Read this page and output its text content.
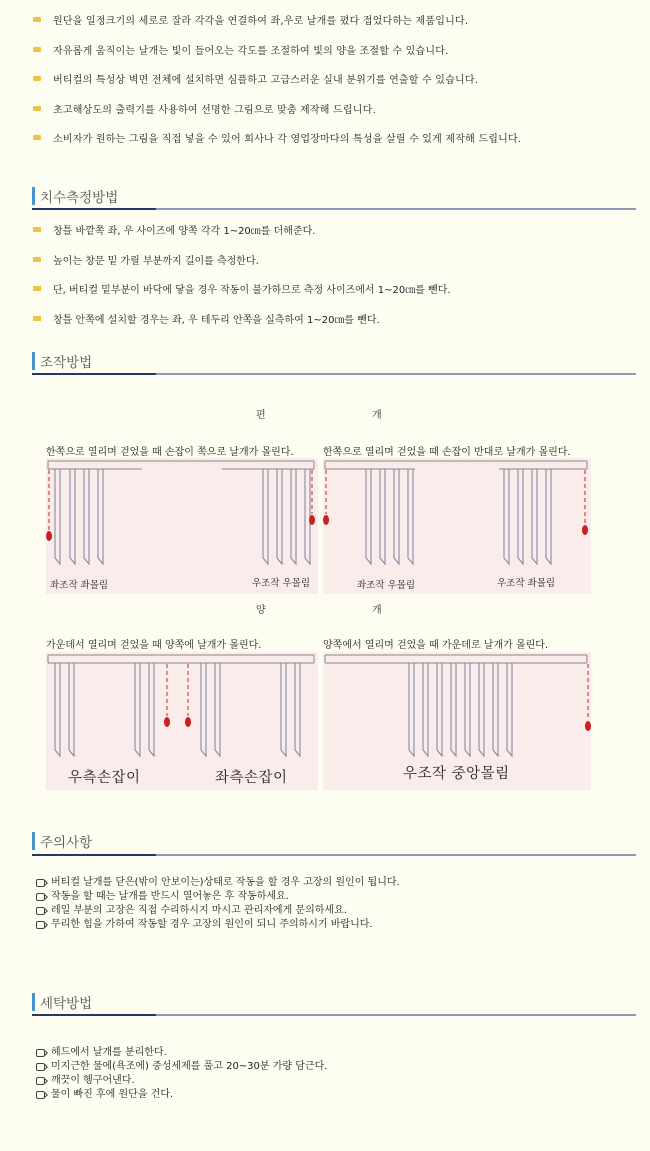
원단을 일정크기의 세로로 잘라 각각을 연결하여 좌,우로 날개를 폈다 접었다하는 제품입니다.
자유롭게 움직이는 날개는 빛이 들어오는 각도를 조절하여 빛의 양을 조절할 수 있습니다.
버티컬의 특성상 벽면 전체에 설치하면 심플하고 고급스러운 실내 분위기를 연출할 수 있습니다.
초고해상도의 출력기를 사용하여 선명한 그림으로 맞춤 제작해 드립니다.
소비자가 원하는 그림을 직접 넣을 수 있어 회사나 각 영업장마다의 특성을 살릴 수 있게 제작해 드립니다.
치수측정방법
창틀 바깥쪽 좌, 우 사이즈에 양쪽 각각 1~20㎝를 더해준다.
높이는 창문 밑 가릴 부분까지 길이를 측정한다.
단, 버티컬 밑부분이 바닥에 닿을 경우 작동이 불가하므로 측정 사이즈에서 1~20㎝를 뺀다.
창틀 안쪽에 설치할 경우는 좌, 우 테두리 안쪽을 실측하여 1~20㎝를 뺀다.
조작방법
편	개
한쪽으로 열리며 걷었을 때 손잡이 쪽으로 날개가 몰린다.	한쪽으로 열리며 걷었을 때 손잡이 반대로 날개가 몰린다.
좌조작 좌몰림	우조작 우몰림	좌조작 우몰림	우조작 좌몰림
양	개
가운데서 열리며 걷었을 때 양쪽에 날개가 몰린다.	양쪽에서 열리며 걷었을 때 가운데로 날개가 몰린다.
우측손잡이	좌측손잡이	우조작 중앙몰림
주의사항
버티컬 날개를 닫은(밖이 안보이는)상태로 작동을 할 경우 고장의 원인이 됩니다.
작동을 할 때는 날개를 반드시 열어놓은 후 작동하세요.
레일 부분의 고장은 직접 수리하시지 마시고 관리자에게 문의하세요.
무리한 힘을 가하여 작동할 경우 고장의 원인이 되니 주의하시기 바랍니다.
세탁방법
헤드에서 날개를 분리한다.
미지근한 물에(욕조에) 중성세제를 풀고 20~30분 가량 담근다.
깨끗이 헹구어낸다.
물이 빠진 후에 원단을 건다.
